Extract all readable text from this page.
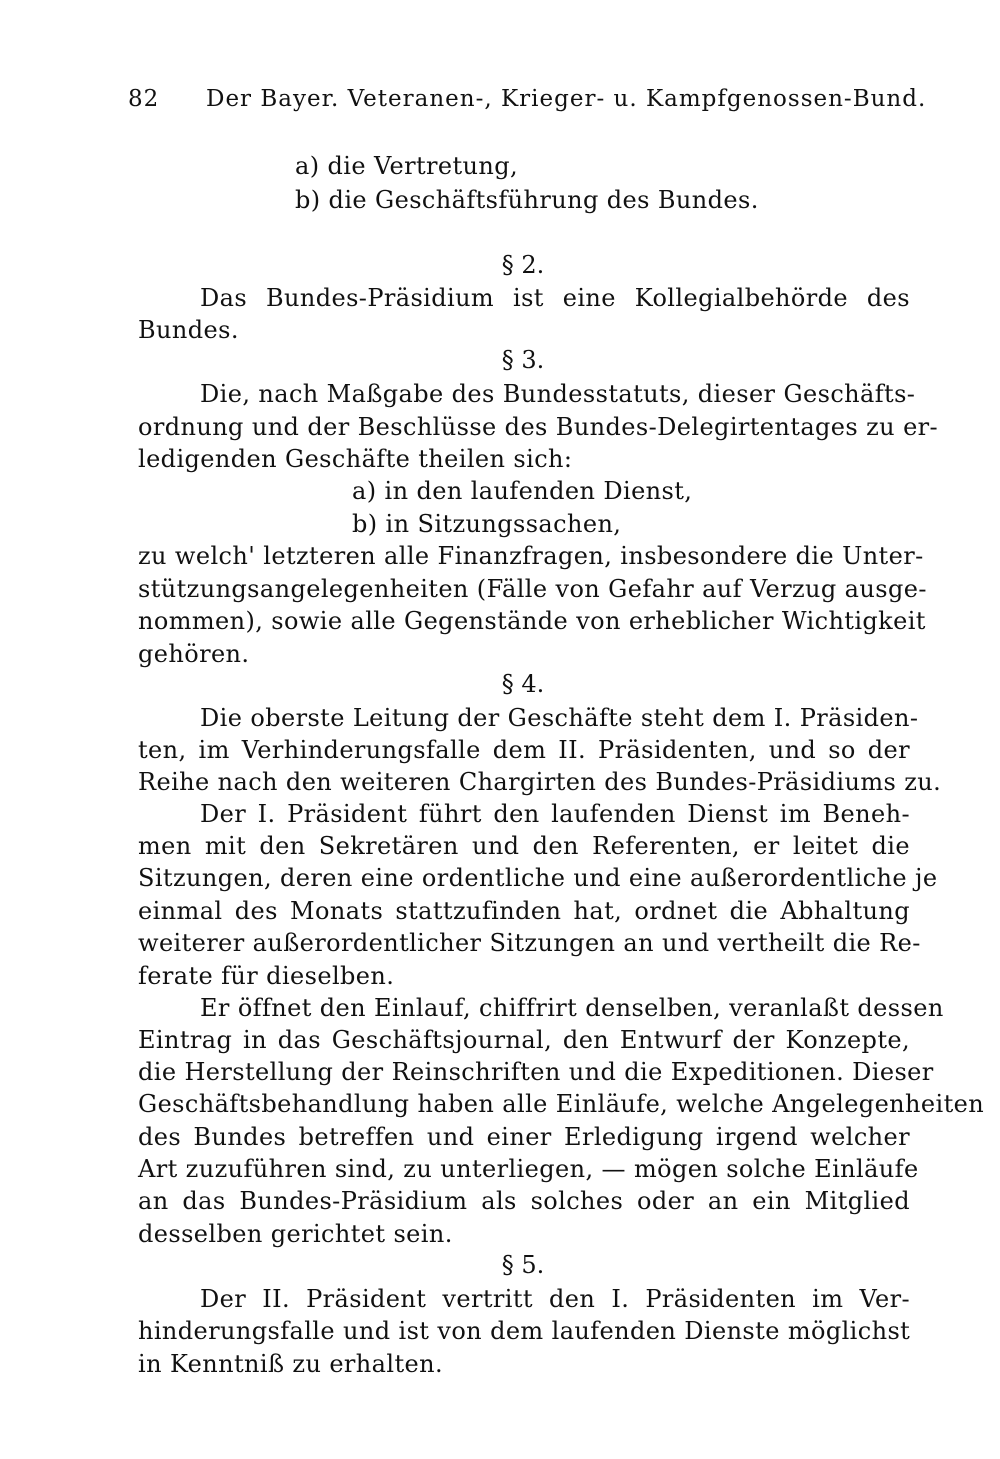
82 Der Bayer. Veteranen-, Krieger- u. Kampfgenossen-Bund.
a) die Vertretung,
b) die Geschäftsführung des Bundes.
§ 2.
Das Bundes-Präsidium ist eine Kollegialbehörde des
Bundes.
§ 3.
Die, nach Maßgabe des Bundesstatuts, dieser Geschäfts-
ordnung und der Beschlüsse des Bundes-Delegirtentages zu er-
ledigenden Geschäfte theilen sich:
a) in den laufenden Dienst,
b) in Sitzungssachen,
zu welch' letzteren alle Finanzfragen, insbesondere die Unter-
stützungsangelegenheiten (Fälle von Gefahr auf Verzug ausge-
nommen), sowie alle Gegenstände von erheblicher Wichtigkeit
gehören.
§ 4.
Die oberste Leitung der Geschäfte steht dem I. Präsiden-
ten, im Verhinderungsfalle dem II. Präsidenten, und so der
Reihe nach den weiteren Chargirten des Bundes-Präsidiums zu.
Der I. Präsident führt den laufenden Dienst im Beneh-
men mit den Sekretären und den Referenten, er leitet die
Sitzungen, deren eine ordentliche und eine außerordentliche je
einmal des Monats stattzufinden hat, ordnet die Abhaltung
weiterer außerordentlicher Sitzungen an und vertheilt die Re-
ferate für dieselben.
Er öffnet den Einlauf, chiffrirt denselben, veranlaßt dessen
Eintrag in das Geschäftsjournal, den Entwurf der Konzepte,
die Herstellung der Reinschriften und die Expeditionen. Dieser
Geschäftsbehandlung haben alle Einläufe, welche Angelegenheiten
des Bundes betreffen und einer Erledigung irgend welcher
Art zuzuführen sind, zu unterliegen, — mögen solche Einläufe
an das Bundes-Präsidium als solches oder an ein Mitglied
desselben gerichtet sein.
§ 5.
Der II. Präsident vertritt den I. Präsidenten im Ver-
hinderungsfalle und ist von dem laufenden Dienste möglichst
in Kenntniß zu erhalten.
